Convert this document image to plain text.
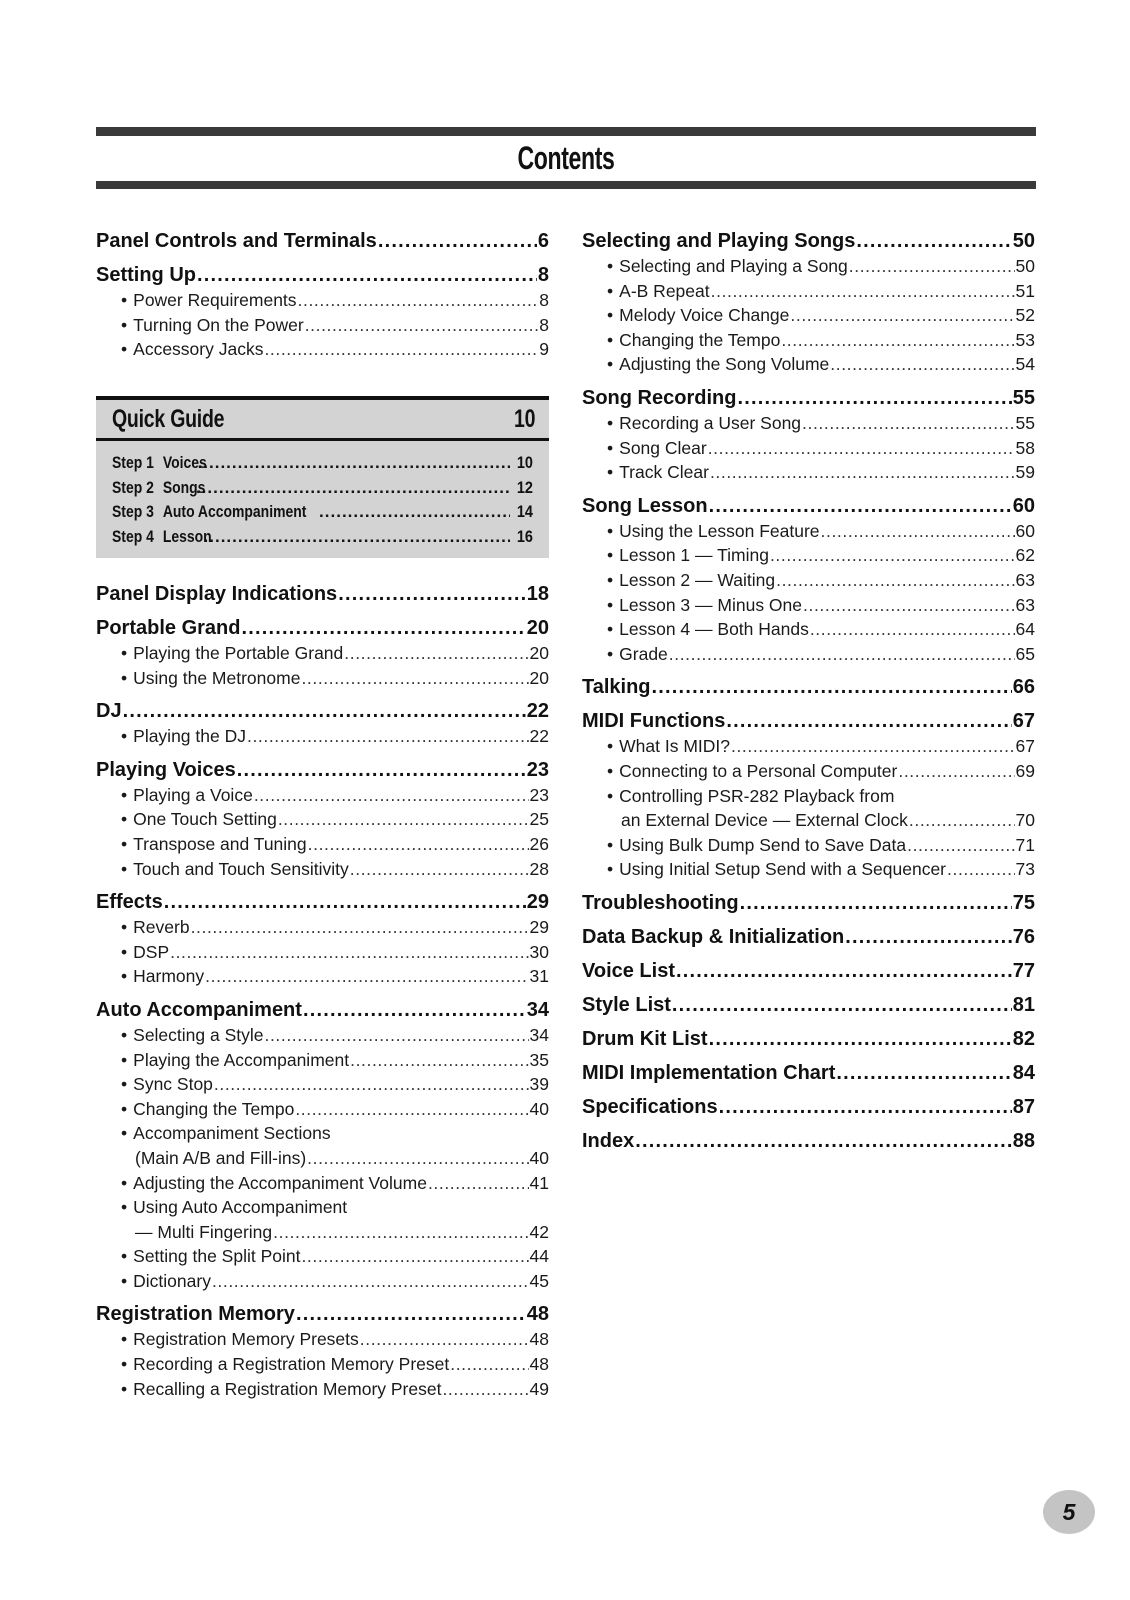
Contents
Panel Controls and Terminals .....	6
Setting Up .....	8
• Power Requirements .....	8
• Turning On the Power .....	8
• Accessory Jacks .....	9
Quick Guide	10
Step 1 Voices .....	10
Step 2 Songs .....	12
Step 3 Auto Accompaniment .....	14
Step 4 Lesson .....	16
Panel Display Indications .....	18
Portable Grand .....	20
• Playing the Portable Grand .....	20
• Using the Metronome .....	20
DJ .....	22
• Playing the DJ .....	22
Playing Voices .....	23
• Playing a Voice .....	23
• One Touch Setting .....	25
• Transpose and Tuning .....	26
• Touch and Touch Sensitivity .....	28
Effects .....	29
• Reverb .....	29
• DSP .....	30
• Harmony .....	31
Auto Accompaniment .....	34
• Selecting a Style .....	34
• Playing the Accompaniment .....	35
• Sync Stop .....	39
• Changing the Tempo .....	40
• Accompaniment Sections
(Main A/B and Fill-ins) .....	40
• Adjusting the Accompaniment Volume .....	41
• Using Auto Accompaniment
— Multi Fingering .....	42
• Setting the Split Point .....	44
• Dictionary .....	45
Registration Memory .....	48
• Registration Memory Presets .....	48
• Recording a Registration Memory Preset .....	48
• Recalling a Registration Memory Preset .....	49
Selecting and Playing Songs .....	50
• Selecting and Playing a Song .....	50
• A-B Repeat .....	51
• Melody Voice Change .....	52
• Changing the Tempo .....	53
• Adjusting the Song Volume .....	54
Song Recording .....	55
• Recording a User Song .....	55
• Song Clear .....	58
• Track Clear .....	59
Song Lesson .....	60
• Using the Lesson Feature .....	60
• Lesson 1 — Timing .....	62
• Lesson 2 — Waiting .....	63
• Lesson 3 — Minus One .....	63
• Lesson 4 — Both Hands .....	64
• Grade .....	65
Talking .....	66
MIDI Functions .....	67
• What Is MIDI? .....	67
• Connecting to a Personal Computer .....	69
• Controlling PSR-282 Playback from
an External Device — External Clock .....	70
• Using Bulk Dump Send to Save Data .....	71
• Using Initial Setup Send with a Sequencer .....	73
Troubleshooting .....	75
Data Backup & Initialization .....	76
Voice List .....	77
Style List .....	81
Drum Kit List .....	82
MIDI Implementation Chart .....	84
Specifications .....	87
Index .....	88
5
